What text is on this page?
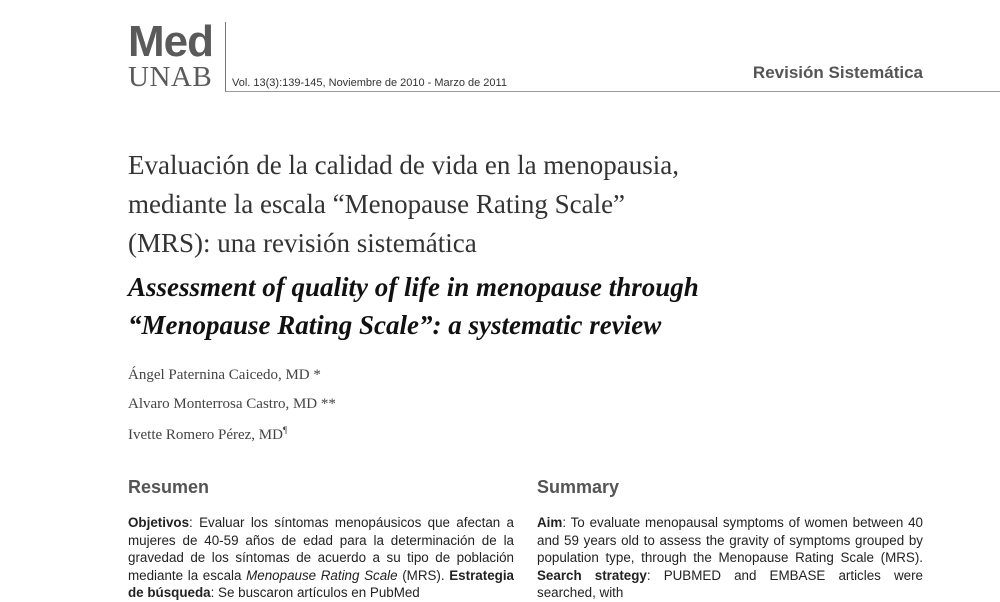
Med
UNAB Vol. 13(3):139-145, Noviembre de 2010 - Marzo de 2011
Revisión Sistemática
Evaluación de la calidad de vida en la menopausia,
mediante la escala “Menopause Rating Scale”
(MRS): una revisión sistemática
Assessment of quality of life in menopause through
“Menopause Rating Scale”: a systematic review
Ángel Paternina Caicedo, MD *
Alvaro Monterrosa Castro, MD **
Ivette Romero Pérez, MD¶
Resumen	Summary
Objetivos: Evaluar los síntomas menopáusicos que afectan a mujeres de 40-59 años de edad para la determinación de la gravedad de los síntomas de acuerdo a su tipo de población mediante la escala Menopause Rating Scale (MRS). Estrategia de búsqueda: Se buscaron artículos en PubMed
Aim: To evaluate menopausal symptoms of women between 40 and 59 years old to assess the gravity of symptoms grouped by population type, through the Menopause Rating Scale (MRS). Search strategy: PUBMED and EMBASE articles were searched, with
